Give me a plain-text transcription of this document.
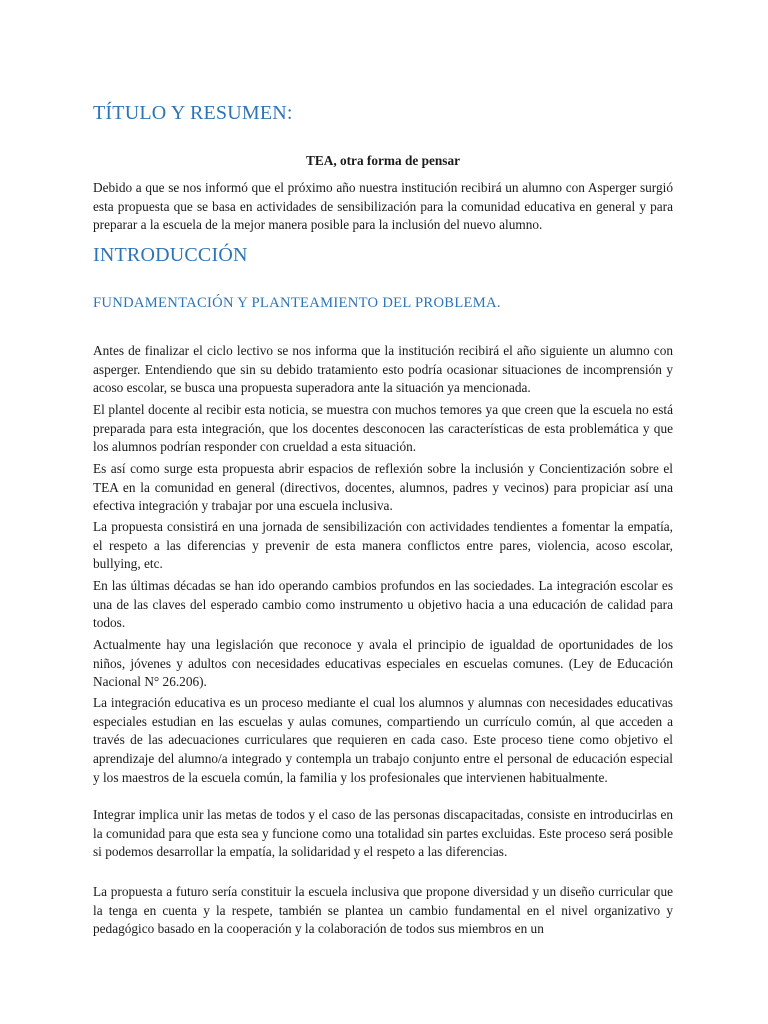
TÍTULO Y RESUMEN:

TEA, otra forma de pensar

Debido a que se nos informó que el próximo año nuestra institución recibirá un alumno con Asperger surgió esta propuesta que se basa en actividades de sensibilización para la comunidad educativa en general y para preparar a la escuela de la mejor manera posible para la inclusión del nuevo alumno.

INTRODUCCIÓN
FUNDAMENTACIÓN Y PLANTEAMIENTO DEL PROBLEMA.

Antes de finalizar el ciclo lectivo se nos informa que la institución recibirá el año siguiente un alumno con asperger. Entendiendo que sin su debido tratamiento esto podría ocasionar situaciones de incomprensión y acoso escolar, se busca una propuesta superadora ante la situación ya mencionada.

El plantel docente al recibir esta noticia, se muestra con muchos temores ya que creen que la escuela no está preparada para esta integración, que los docentes desconocen las características de esta problemática y que los alumnos podrían responder con crueldad a esta situación.

Es así como surge esta propuesta abrir espacios de reflexión sobre la inclusión y Concientización sobre el TEA en la comunidad en general (directivos, docentes, alumnos, padres y vecinos) para propiciar así una efectiva integración y trabajar por una escuela inclusiva.

La propuesta consistirá en una jornada de sensibilización con actividades tendientes a fomentar la empatía, el respeto a las diferencias y prevenir de esta manera conflictos entre pares, violencia, acoso escolar, bullying, etc.

En las últimas décadas se han ido operando cambios profundos en las sociedades. La integración escolar es una de las claves del esperado cambio como instrumento u objetivo hacia a una educación de calidad para todos.

Actualmente hay una legislación que reconoce y avala el principio de igualdad de oportunidades de los niños, jóvenes y adultos con necesidades educativas especiales en escuelas comunes. (Ley de Educación Nacional N° 26.206).

La integración educativa es un proceso mediante el cual los alumnos y alumnas con necesidades educativas especiales estudian en las escuelas y aulas comunes, compartiendo un currículo común, al que acceden a través de las adecuaciones curriculares que requieren en cada caso. Este proceso tiene como objetivo el aprendizaje del alumno/a integrado y contempla un trabajo conjunto entre el personal de educación especial y los maestros de la escuela común, la familia y los profesionales que intervienen habitualmente.

Integrar implica unir las metas de todos y el caso de las personas discapacitadas, consiste en introducirlas en la comunidad para que esta sea y funcione como una totalidad sin partes excluidas. Este proceso será posible si podemos desarrollar la empatía, la solidaridad y el respeto a las diferencias.

La propuesta a futuro sería constituir la escuela inclusiva que propone diversidad y un diseño curricular que la tenga en cuenta y la respete, también se plantea un cambio fundamental en el nivel organizativo y pedagógico basado en la cooperación y la colaboración de todos sus miembros en un
